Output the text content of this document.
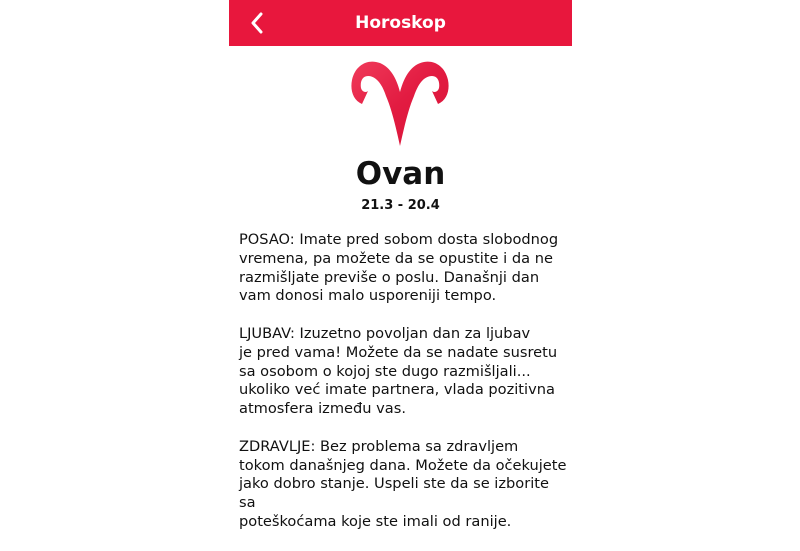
Horoskop
Ovan
21.3 - 20.4

POSAO: Imate pred sobom dosta slobodnog
vremena, pa možete da se opustite i da ne
razmišljate previše o poslu. Današnji dan
vam donosi malo usporeniji tempo.

LJUBAV: Izuzetno povoljan dan za ljubav
je pred vama! Možete da se nadate susretu
sa osobom o kojoj ste dugo razmišljali...
ukoliko već imate partnera, vlada pozitivna
atmosfera između vas.

ZDRAVLJE: Bez problema sa zdravljem
tokom današnjeg dana. Možete da očekujete
jako dobro stanje. Uspeli ste da se izborite sa
poteškoćama koje ste imali od ranije.
